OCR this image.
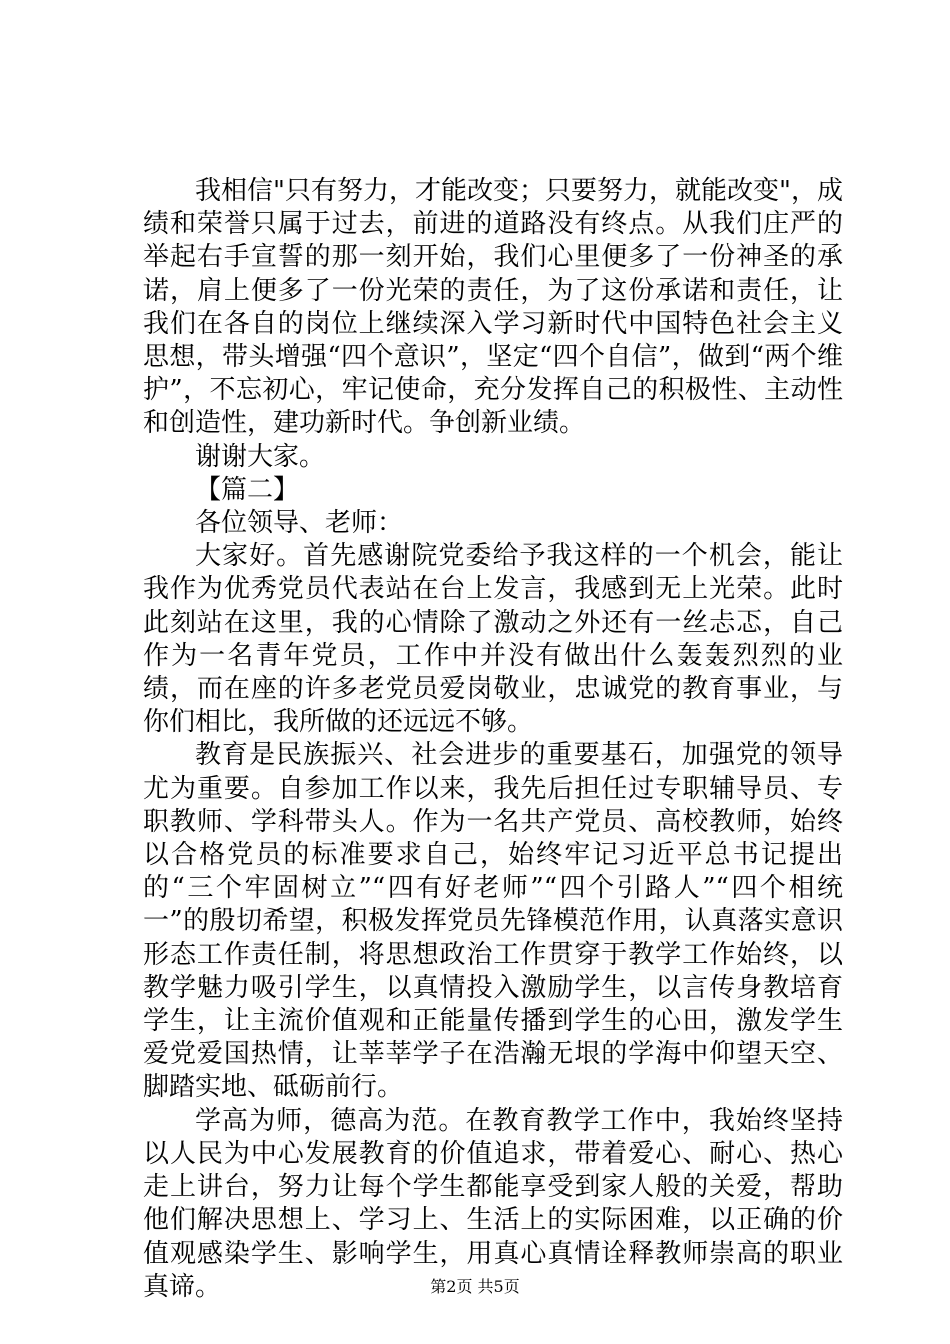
我相信"只有努力，才能改变；只要努力，就能改变"，成绩和荣誉只属于过去，前进的道路没有终点。从我们庄严的举起右手宣誓的那一刻开始，我们心里便多了一份神圣的承诺，肩上便多了一份光荣的责任，为了这份承诺和责任，让我们在各自的岗位上继续深入学习新时代中国特色社会主义思想，带头增强“四个意识”，坚定“四个自信”，做到“两个维护”，不忘初心，牢记使命，充分发挥自己的积极性、主动性和创造性，建功新时代。争创新业绩。

谢谢大家。

【篇二】

各位领导、老师：

大家好。首先感谢院党委给予我这样的一个机会，能让我作为优秀党员代表站在台上发言，我感到无上光荣。此时此刻站在这里，我的心情除了激动之外还有一丝忐忑，自己作为一名青年党员，工作中并没有做出什么轰轰烈烈的业绩，而在座的许多老党员爱岗敬业，忠诚党的教育事业，与你们相比，我所做的还远远不够。

教育是民族振兴、社会进步的重要基石，加强党的领导尤为重要。自参加工作以来，我先后担任过专职辅导员、专职教师、学科带头人。作为一名共产党员、高校教师，始终以合格党员的标准要求自己，始终牢记习近平总书记提出的“三个牢固树立”“四有好老师”“四个引路人”“四个相统一”的殷切希望，积极发挥党员先锋模范作用，认真落实意识形态工作责任制，将思想政治工作贯穿于教学工作始终，以教学魅力吸引学生，以真情投入激励学生，以言传身教培育学生，让主流价值观和正能量传播到学生的心田，激发学生爱党爱国热情，让莘莘学子在浩瀚无垠的学海中仰望天空、脚踏实地、砥砺前行。

学高为师，德高为范。在教育教学工作中，我始终坚持以人民为中心发展教育的价值追求，带着爱心、耐心、热心走上讲台，努力让每个学生都能享受到家人般的关爱，帮助他们解决思想上、学习上、生活上的实际困难，以正确的价值观感染学生、影响学生，用真心真情诠释教师崇高的职业真谛。	第2页 共5页
